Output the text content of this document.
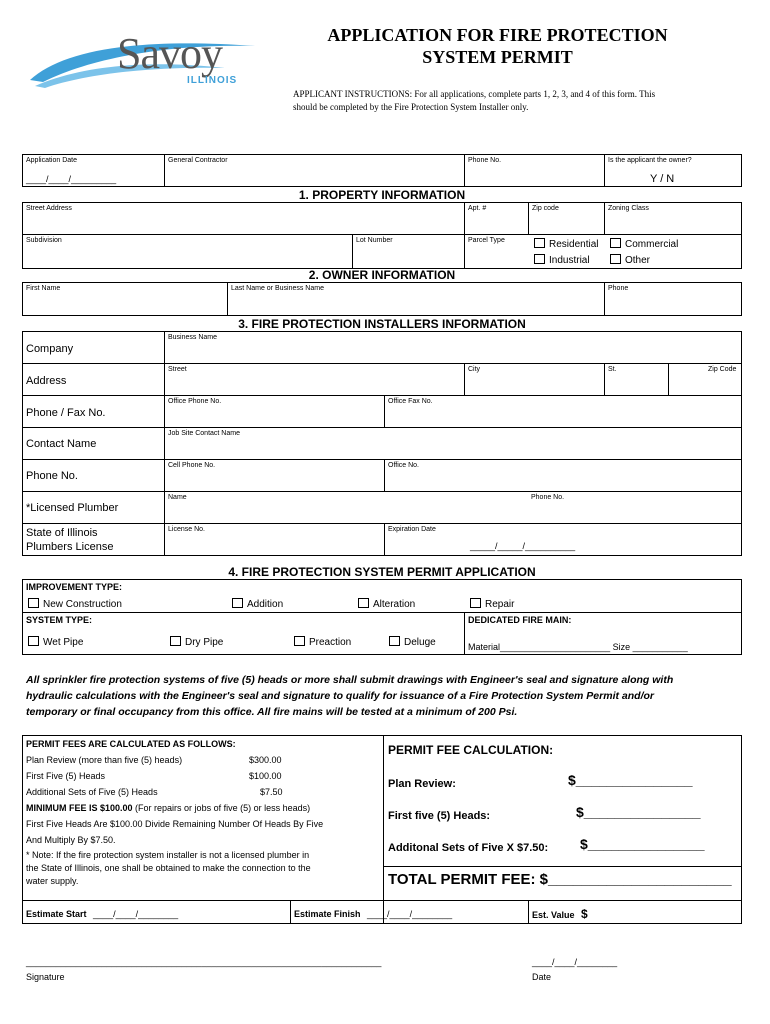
Savoy
ILLINOIS
APPLICATION FOR FIRE PROTECTION
SYSTEM PERMIT
APPLICANT INSTRUCTIONS: For all applications, complete parts 1, 2, 3, and 4 of this form. This
should be completed by the Fire Protection System Installer only.
Application Date
____/____/_________
General Contractor	Phone No.	Is the applicant the owner?
Y / N
1. PROPERTY INFORMATION
Street Address	Apt. #	Zip code	Zoning Class
Subdivision	Lot Number	Parcel Type	Residential	Commercial
Industrial	Other
2. OWNER INFORMATION
First Name	Last Name or Business Name	Phone
3. FIRE PROTECTION INSTALLERS INFORMATION
Company
Business Name
Address
Street	City	St.	Zip Code
Phone / Fax No.
Office Phone No.	Office Fax No.
Contact Name
Job Site Contact Name
Phone No.
Cell Phone No.	Office No.
*Licensed Plumber
Name	Phone No.
State of Illinois
Plumbers License
License No.	Expiration Date
_____/_____/__________
4. FIRE PROTECTION SYSTEM PERMIT APPLICATION
IMPROVEMENT TYPE:
New Construction	Addition	Alteration	Repair
SYSTEM TYPE:	DEDICATED FIRE MAIN:
Wet Pipe	Dry Pipe	Preaction	Deluge	Material______________________ Size ___________
All sprinkler fire protection systems of five (5) heads or more shall submit drawings with Engineer's seal and signature along with
hydraulic calculations with the Engineer's seal and signature to qualify for issuance of a Fire Protection System Permit and/or
temporary or final occupancy from this office. All fire mains will be tested at a minimum of 200 Psi.
PERMIT FEES ARE CALCULATED AS FOLLOWS:
Plan Review (more than five (5) heads)	$300.00
First Five (5) Heads	$100.00
Additional Sets of Five (5) Heads	$7.50
MINIMUM FEE IS $100.00 (For repairs or jobs of five (5) or less heads)
First Five Heads Are $100.00 Divide Remaining Number Of Heads By Five
And Multiply By $7.50.
* Note: If the fire protection system installer is not a licensed plumber in
the State of Illinois, one shall be obtained to make the connection to the
water supply.
PERMIT FEE CALCULATION:
Plan Review:	$_______________
First five (5) Heads:	$_______________
Additonal Sets of Five X $7.50: $_______________
TOTAL PERMIT FEE: $______________________
Estimate Start ____/____/________	Estimate Finish ____/____/________	Est. Value $
_______________________________________________________________________
Signature
____/____/________
Date
